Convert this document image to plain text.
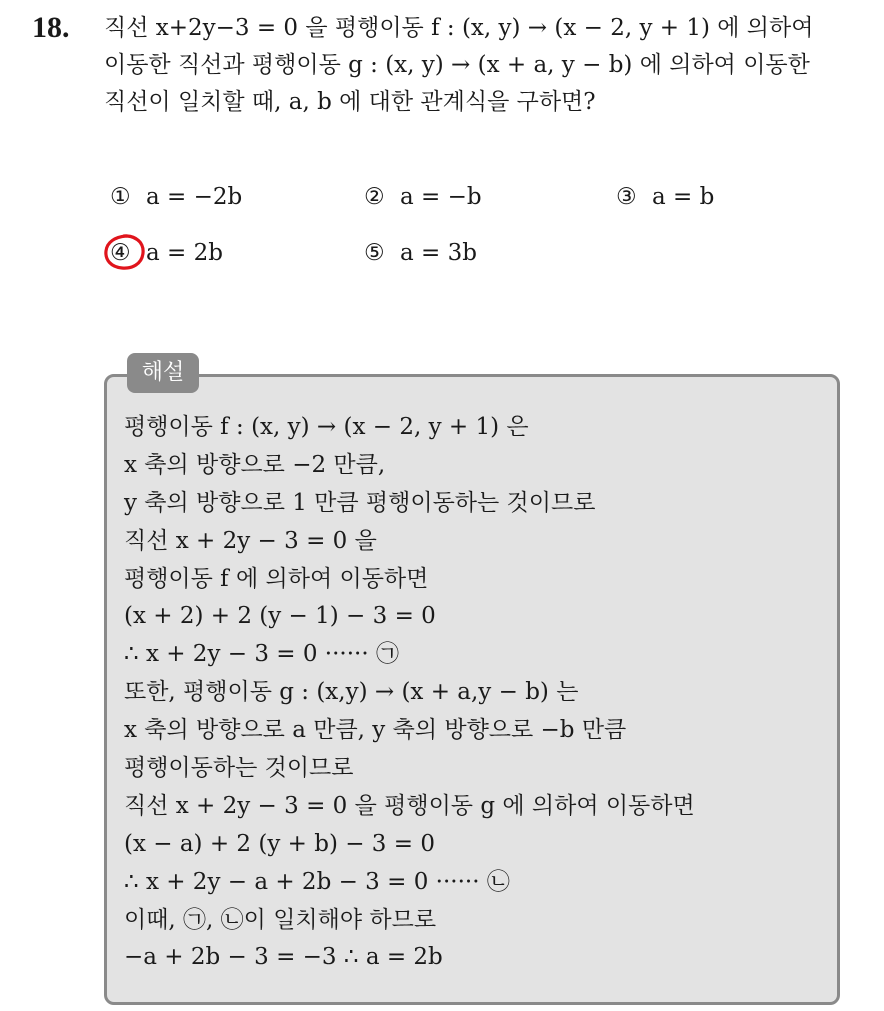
18. 직선 x+2y−3 = 0 을 평행이동 f : (x, y) → (x − 2, y + 1) 에 의하여
이동한 직선과 평행이동 g : (x, y) → (x + a, y − b) 에 의하여 이동한
직선이 일치할 때, a, b 에 대한 관계식을 구하면?
① a = −2b	② a = −b	③ a = b
④ a = 2b	⑤ a = 3b
해설
평행이동 f : (x, y) → (x − 2, y + 1) 은
x 축의 방향으로 −2 만큼,
y 축의 방향으로 1 만큼 평행이동하는 것이므로
직선 x + 2y − 3 = 0 을
평행이동 f 에 의하여 이동하면
(x + 2) + 2 (y − 1) − 3 = 0
∴ x + 2y − 3 = 0 ······ ㉠
또한, 평행이동 g : (x,y) → (x + a,y − b) 는
x 축의 방향으로 a 만큼, y 축의 방향으로 −b 만큼
평행이동하는 것이므로
직선 x + 2y − 3 = 0 을 평행이동 g 에 의하여 이동하면
(x − a) + 2 (y + b) − 3 = 0
∴ x + 2y − a + 2b − 3 = 0 ······ ㉡
이때, ㉠, ㉡이 일치해야 하므로
−a + 2b − 3 = −3 ∴ a = 2b
